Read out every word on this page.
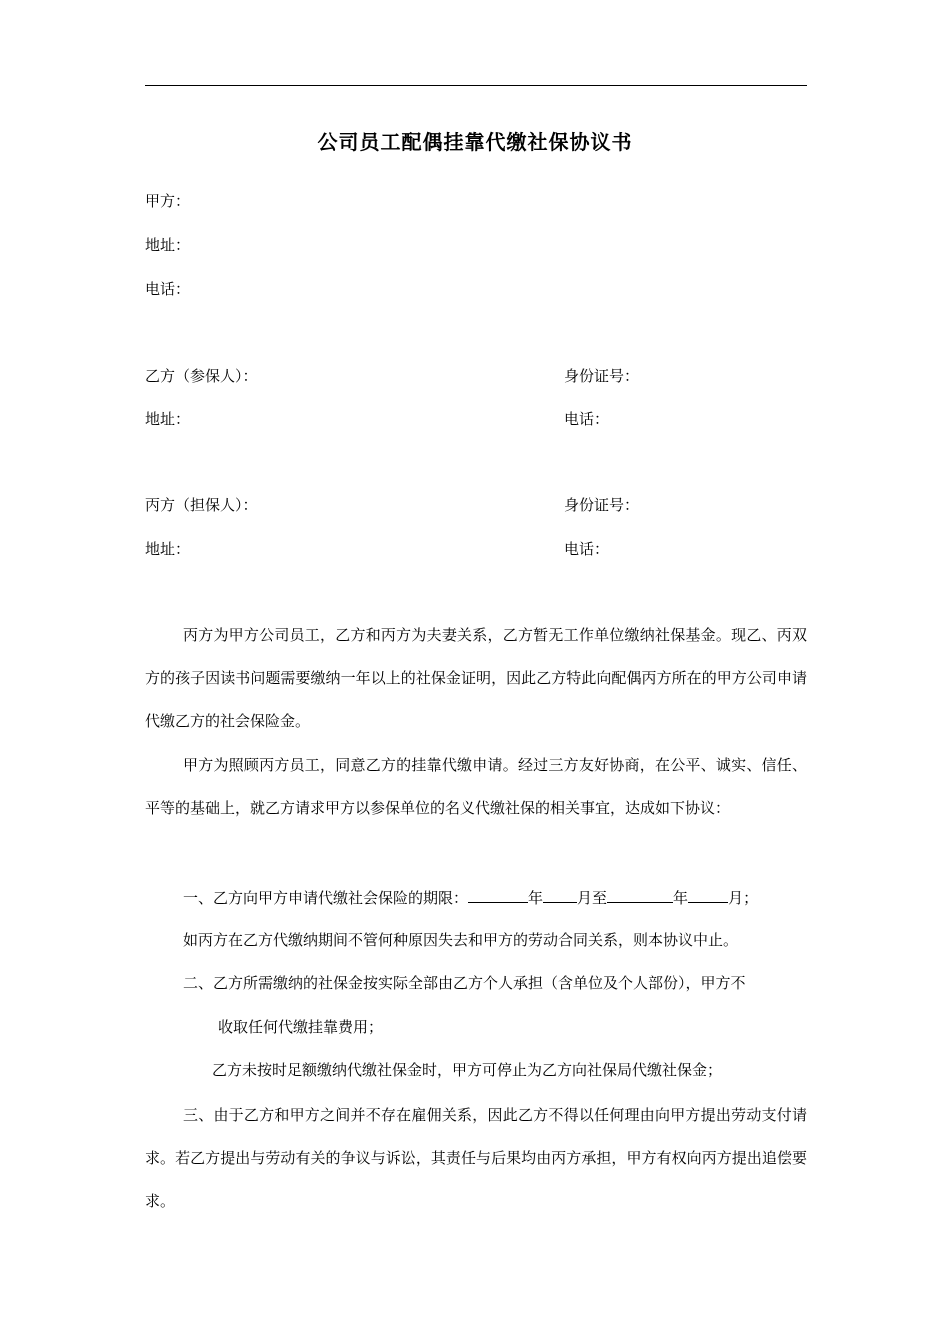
公司员工配偶挂靠代缴社保协议书
甲方：
地址：
电话：
乙方（参保人）：	身份证号：
地址：	电话：
丙方（担保人）：	身份证号：
地址：	电话：
丙方为甲方公司员工，乙方和丙方为夫妻关系，乙方暂无工作单位缴纳社保基金。现乙、丙双方的孩子因读书问题需要缴纳一年以上的社保金证明，因此乙方特此向配偶丙方所在的甲方公司申请代缴乙方的社会保险金。
甲方为照顾丙方员工，同意乙方的挂靠代缴申请。经过三方友好协商，在公平、诚实、信任、平等的基础上，就乙方请求甲方以参保单位的名义代缴社保的相关事宜，达成如下协议：
一、乙方向甲方申请代缴社会保险的期限：	年 月至	年	月；
如丙方在乙方代缴纳期间不管何种原因失去和甲方的劳动合同关系，则本协议中止。
二、乙方所需缴纳的社保金按实际全部由乙方个人承担（含单位及个人部份），甲方不
收取任何代缴挂靠费用；
乙方未按时足额缴纳代缴社保金时，甲方可停止为乙方向社保局代缴社保金；
三、由于乙方和甲方之间并不存在雇佣关系，因此乙方不得以任何理由向甲方提出劳动支付请求。若乙方提出与劳动有关的争议与诉讼，其责任与后果均由丙方承担，甲方有权向丙方提出追偿要求。
